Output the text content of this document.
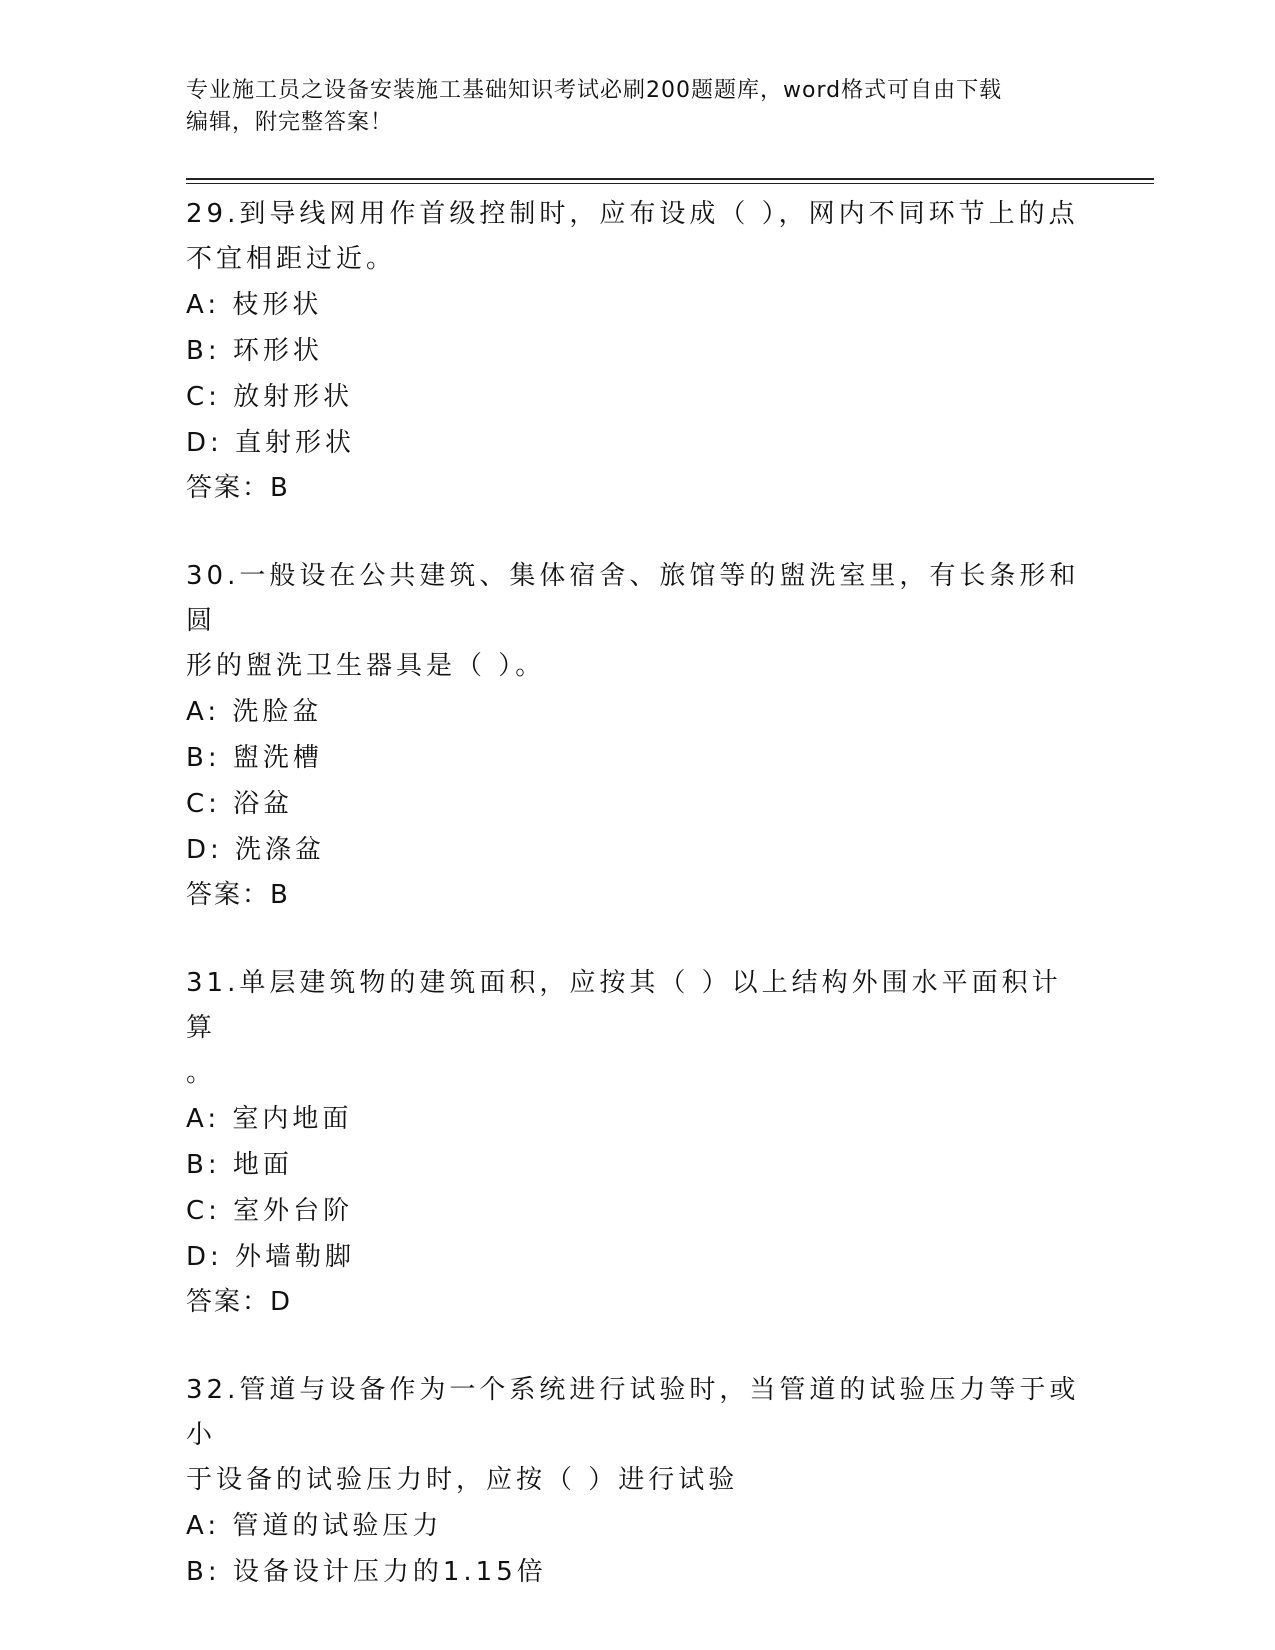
专业施工员之设备安装施工基础知识考试必刷200题题库，word格式可自由下载
编辑，附完整答案！
29.到导线网用作首级控制时，应布设成（ ），网内不同环节上的点
不宜相距过近。
A: 枝形状
B: 环形状
C: 放射形状
D: 直射形状
答案：B
30.一般设在公共建筑、集体宿舍、旅馆等的盥洗室里，有长条形和圆
形的盥洗卫生器具是（ ）。
A: 洗脸盆
B: 盥洗槽
C: 浴盆
D: 洗涤盆
答案：B
31.单层建筑物的建筑面积，应按其（ ）以上结构外围水平面积计算
。
A: 室内地面
B: 地面
C: 室外台阶
D: 外墙勒脚
答案：D
32.管道与设备作为一个系统进行试验时，当管道的试验压力等于或小
于设备的试验压力时，应按（ ）进行试验
A: 管道的试验压力
B: 设备设计压力的1.15倍
